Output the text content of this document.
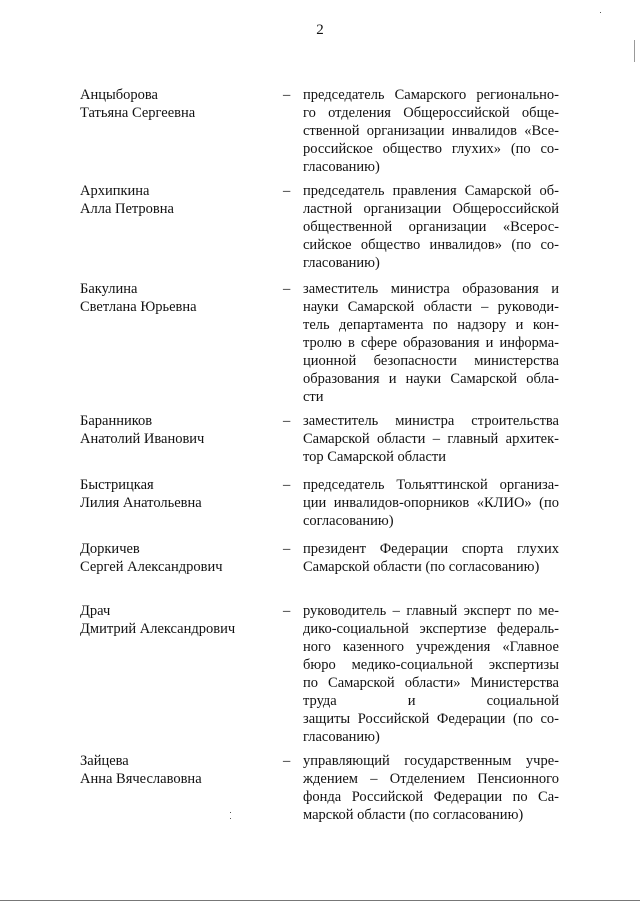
2
Анцыборова
Татьяна Сергеевна
– председатель Самарского регионально-
го отделения Общероссийской обще-
ственной организации инвалидов «Все-
российское общество глухих» (по со-
гласованию)
Архипкина
Алла Петровна
– председатель правления Самарской об-
ластной организации Общероссийской
общественной организации «Всерос-
сийское общество инвалидов» (по со-
гласованию)
Бакулина
Светлана Юрьевна
– заместитель министра образования и
науки Самарской области – руководи-
тель департамента по надзору и кон-
тролю в сфере образования и информа-
ционной безопасности министерства
образования и науки Самарской обла-
сти
Баранников
Анатолий Иванович
– заместитель министра строительства
Самарской области – главный архитек-
тор Самарской области
Быстрицкая
Лилия Анатольевна
– председатель Тольяттинской организа-
ции инвалидов-опорников «КЛИО» (по
согласованию)
Доркичев
Сергей Александрович
– президент Федерации спорта глухих
Самарской области (по согласованию)
Драч
Дмитрий Александрович
– руководитель – главный эксперт по ме-
дико-социальной экспертизе федераль-
ного казенного учреждения «Главное
бюро медико-социальной экспертизы
по Самарской области» Министерства
труда и социальной
защиты Российской Федерации (по со-
гласованию)
Зайцева
Анна Вячеславовна
– управляющий государственным учре-
ждением – Отделением Пенсионного
фонда Российской Федерации по Са-
марской области (по согласованию)
